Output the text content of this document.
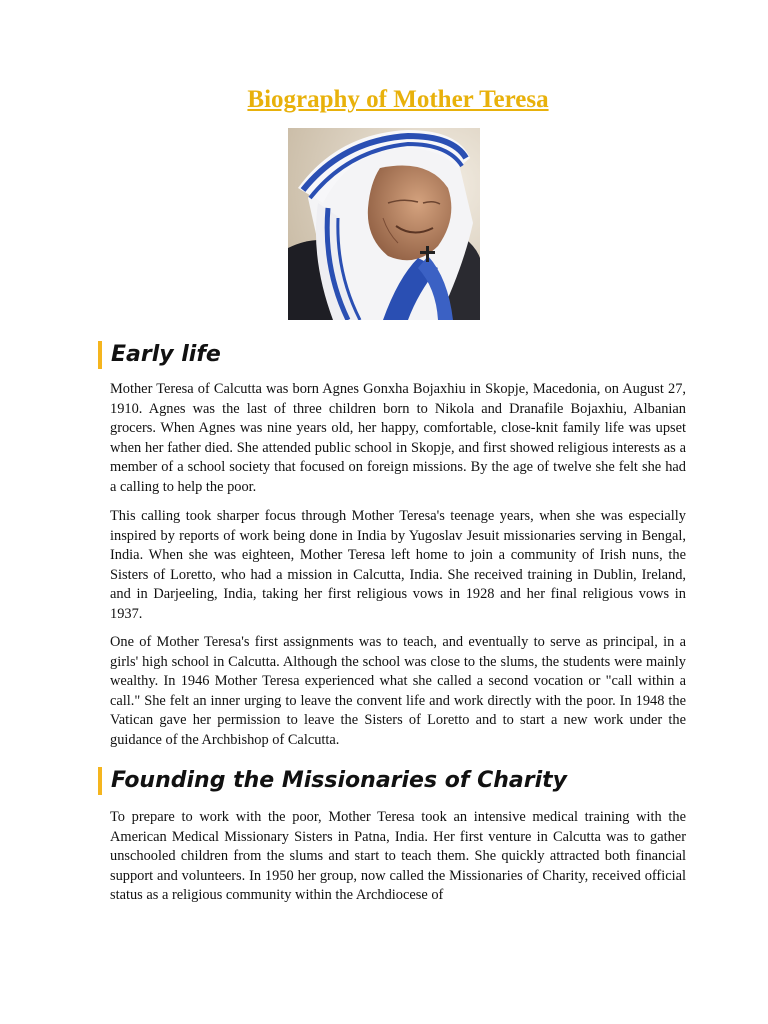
Biography of Mother Teresa
Early life

Mother Teresa of Calcutta was born Agnes Gonxha Bojaxhiu in Skopje, Macedonia, on August 27, 1910. Agnes was the last of three children born to Nikola and Dranafile Bojaxhiu, Albanian grocers. When Agnes was nine years old, her happy, comfortable, close-knit family life was upset when her father died. She attended public school in Skopje, and first showed religious interests as a member of a school society that focused on foreign missions. By the age of twelve she felt she had a calling to help the poor.

This calling took sharper focus through Mother Teresa's teenage years, when she was especially inspired by reports of work being done in India by Yugoslav Jesuit missionaries serving in Bengal, India. When she was eighteen, Mother Teresa left home to join a community of Irish nuns, the Sisters of Loretto, who had a mission in Calcutta, India. She received training in Dublin, Ireland, and in Darjeeling, India, taking her first religious vows in 1928 and her final religious vows in 1937.

One of Mother Teresa's first assignments was to teach, and eventually to serve as principal, in a girls' high school in Calcutta. Although the school was close to the slums, the students were mainly wealthy. In 1946 Mother Teresa experienced what she called a second vocation or "call within a call." She felt an inner urging to leave the convent life and work directly with the poor. In 1948 the Vatican gave her permission to leave the Sisters of Loretto and to start a new work under the guidance of the Archbishop of Calcutta.

Founding the Missionaries of Charity

To prepare to work with the poor, Mother Teresa took an intensive medical training with the American Medical Missionary Sisters in Patna, India. Her first venture in Calcutta was to gather unschooled children from the slums and start to teach them. She quickly attracted both financial support and volunteers. In 1950 her group, now called the Missionaries of Charity, received official status as a religious community within the Archdiocese of
